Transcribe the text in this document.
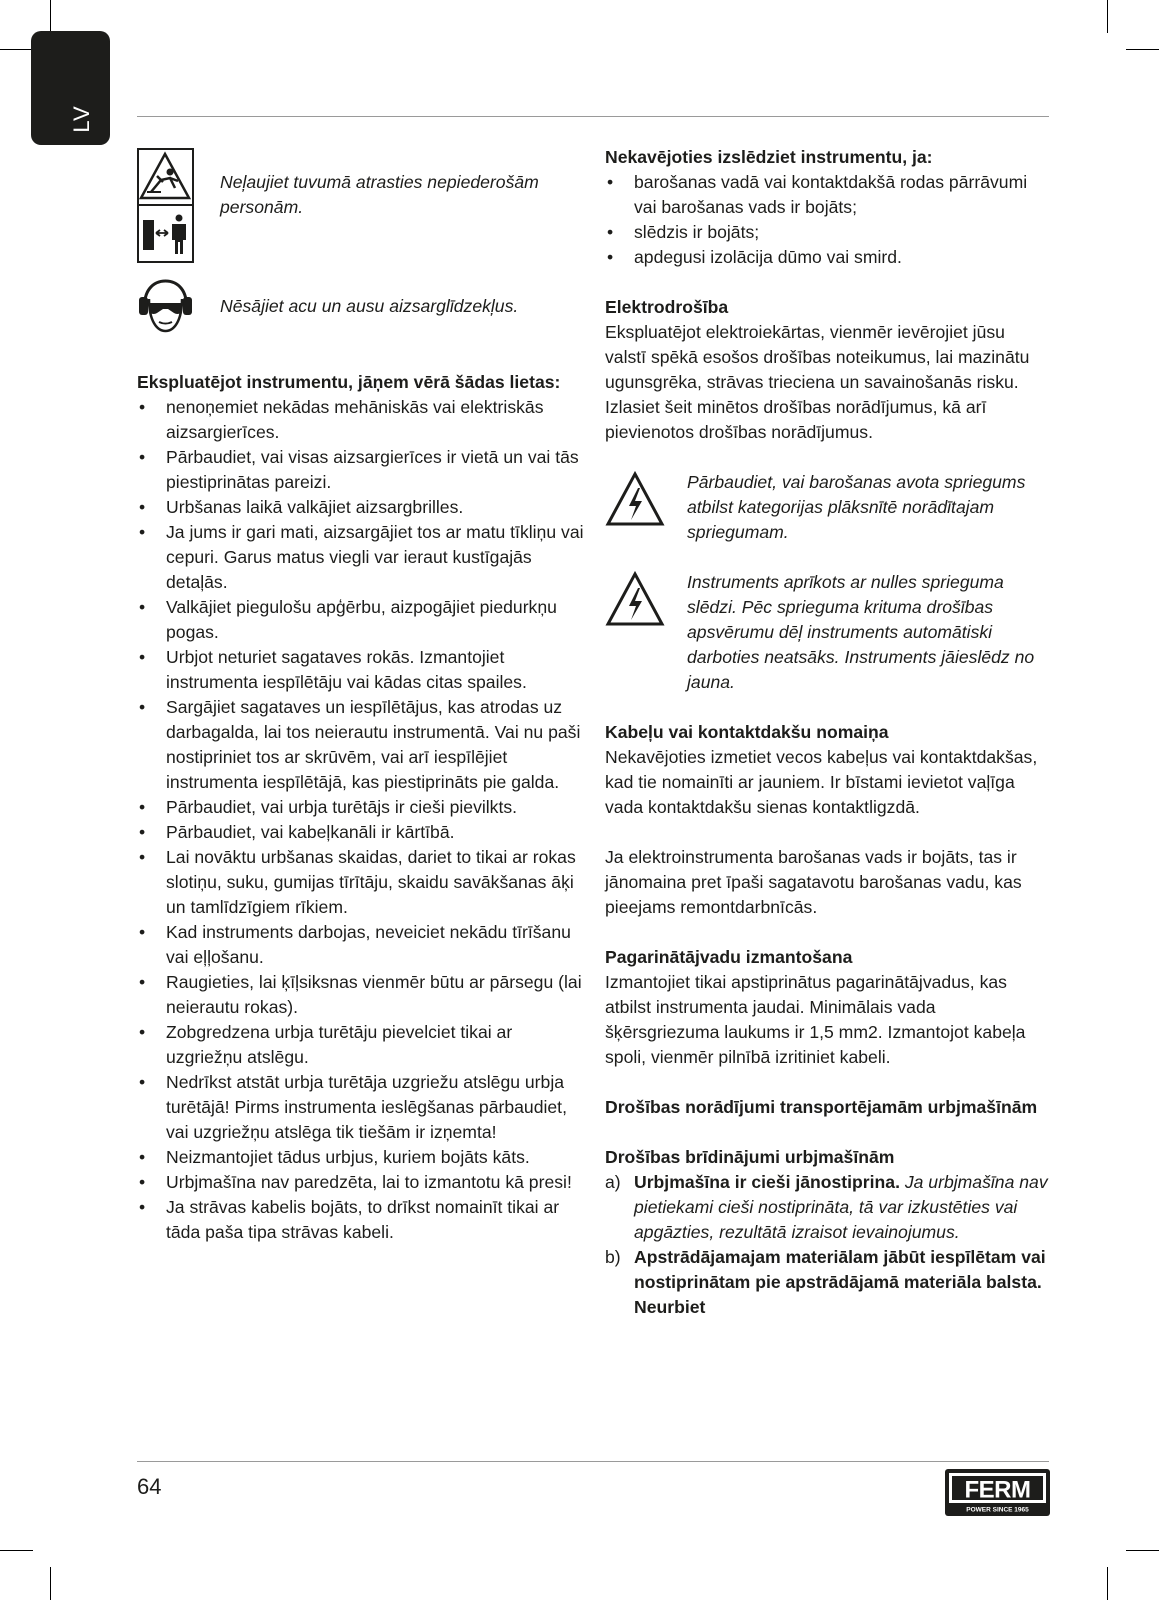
LV
Neļaujiet tuvumā atrasties nepiederošām personām.
Nēsājiet acu un ausu aizsarglīdzekļus.
Ekspluatējot instrumentu, jāņem vērā šādas lietas:
• nenoņemiet nekādas mehāniskās vai elektriskās aizsargierīces.
• Pārbaudiet, vai visas aizsargierīces ir vietā un vai tās piestiprinātas pareizi.
• Urbšanas laikā valkājiet aizsargbrilles.
• Ja jums ir gari mati, aizsargājiet tos ar matu tīkliņu vai cepuri. Garus matus viegli var ieraut kustīgajās detaļās.
• Valkājiet piegulošu apģērbu, aizpogājiet piedurkņu pogas.
• Urbjot neturiet sagataves rokās. Izmantojiet instrumenta iespīlētāju vai kādas citas spailes.
• Sargājiet sagataves un iespīlētājus, kas atrodas uz darbagalda, lai tos neierautu instrumentā. Vai nu paši nostipriniet tos ar skrūvēm, vai arī iespīlējiet instrumenta iespīlētājā, kas piestiprināts pie galda.
• Pārbaudiet, vai urbja turētājs ir cieši pievilkts.
• Pārbaudiet, vai kabeļkanāli ir kārtībā.
• Lai novāktu urbšanas skaidas, dariet to tikai ar rokas slotiņu, suku, gumijas tīrītāju, skaidu savākšanas āķi un tamlīdzīgiem rīkiem.
• Kad instruments darbojas, neveiciet nekādu tīrīšanu vai eļļošanu.
• Raugieties, lai ķīļsiksnas vienmēr būtu ar pārsegu (lai neierautu rokas).
• Zobgredzena urbja turētāju pievelciet tikai ar uzgriežņu atslēgu.
• Nedrīkst atstāt urbja turētāja uzgriežu atslēgu urbja turētājā! Pirms instrumenta ieslēgšanas pārbaudiet, vai uzgriežņu atslēga tik tiešām ir izņemta!
• Neizmantojiet tādus urbjus, kuriem bojāts kāts.
• Urbjmašīna nav paredzēta, lai to izmantotu kā presi!
• Ja strāvas kabelis bojāts, to drīkst nomainīt tikai ar tāda paša tipa strāvas kabeli.
Nekavējoties izslēdziet instrumentu, ja:
• barošanas vadā vai kontaktdakšā rodas pārrāvumi vai barošanas vads ir bojāts;
• slēdzis ir bojāts;
• apdegusi izolācija dūmo vai smird.
Elektrodrošība

Ekspluatējot elektroiekārtas, vienmēr ievērojiet jūsu valstī spēkā esošos drošības noteikumus, lai mazinātu ugunsgrēka, strāvas trieciena un savainošanās risku. Izlasiet šeit minētos drošības norādījumus, kā arī pievienotos drošības norādījumus.

Pārbaudiet, vai barošanas avota spriegums atbilst kategorijas plāksnītē norādītajam spriegumam.

Instruments aprīkots ar nulles sprieguma slēdzi. Pēc sprieguma krituma drošības apsvērumu dēļ instruments automātiski darboties neatsāks. Instruments jāieslēdz no jauna.

Kabeļu vai kontaktdakšu nomaiņa

Nekavējoties izmetiet vecos kabeļus vai kontaktdakšas, kad tie nomainīti ar jauniem. Ir bīstami ievietot vaļīga vada kontaktdakšu sienas kontaktligzdā.

Ja elektroinstrumenta barošanas vads ir bojāts, tas ir jānomaina pret īpaši sagatavotu barošanas vadu, kas pieejams remontdarbnīcās.

Pagarinātājvadu izmantošana

Izmantojiet tikai apstiprinātus pagarinātājvadus, kas atbilst instrumenta jaudai. Minimālais vada šķērsgriezuma laukums ir 1,5 mm2. Izmantojot kabeļa spoli, vienmēr pilnībā izritiniet kabeli.

Drošības norādījumi transportējamām urbjmašīnām
Drošības brīdinājumi urbjmašīnām
a) Urbjmašīna ir cieši jānostiprina. Ja urbjmašīna nav pietiekami cieši nostiprināta, tā var izkustēties vai apgāzties, rezultātā izraisot ievainojumus.
b) Apstrādājamajam materiālam jābūt iespīlētam vai nostiprinātam pie apstrādājamā materiāla balsta. Neurbiet
64	FERM
POWER SINCE 1965
